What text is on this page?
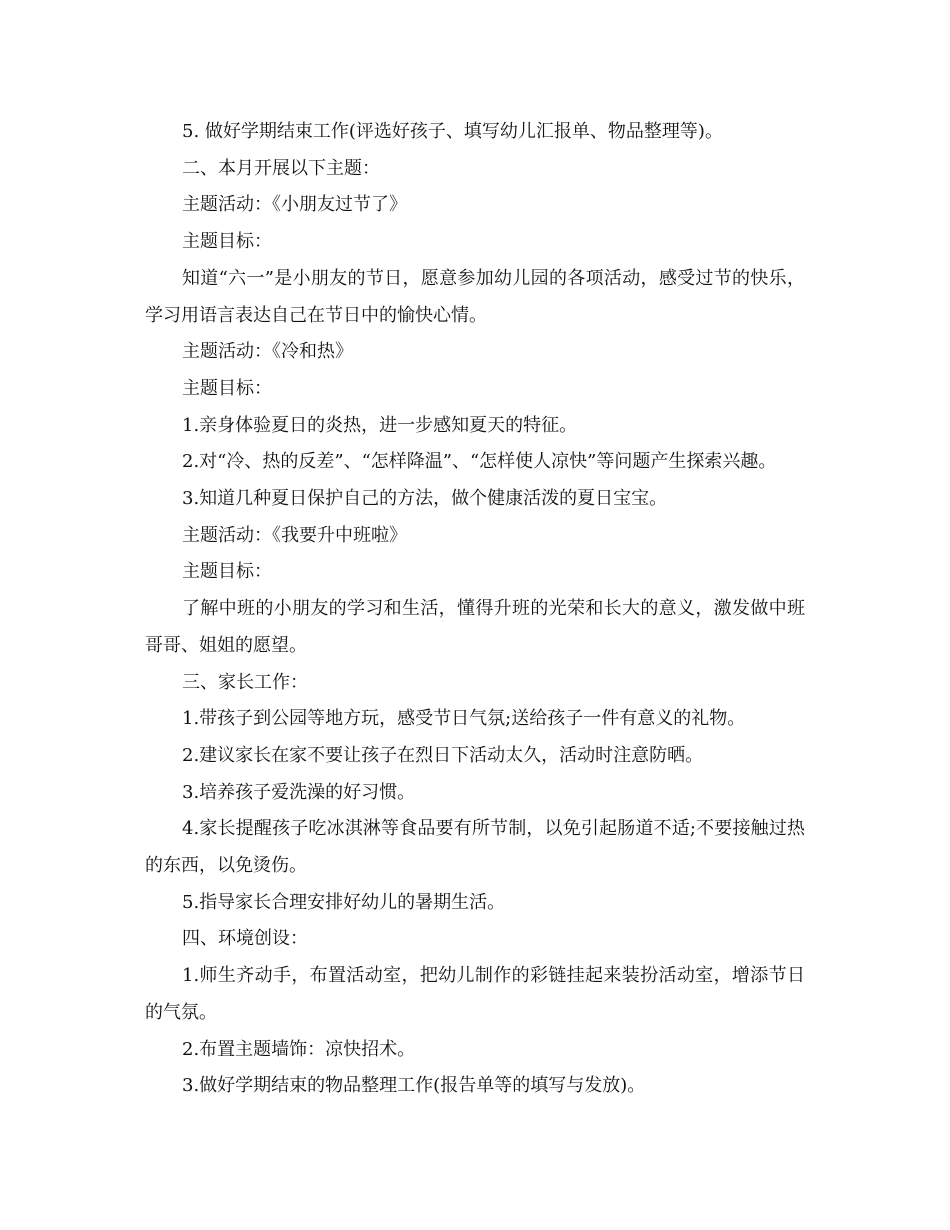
5. 做好学期结束工作(评选好孩子、填写幼儿汇报单、物品整理等)。

二、本月开展以下主题：

主题活动：《小朋友过节了》

主题目标：

知道“六一”是小朋友的节日，愿意参加幼儿园的各项活动，感受过节的快乐，学习用语言表达自己在节日中的愉快心情。

主题活动：《冷和热》

主题目标：

1.亲身体验夏日的炎热，进一步感知夏天的特征。

2.对“冷、热的反差”、“怎样降温”、“怎样使人凉快”等问题产生探索兴趣。

3.知道几种夏日保护自己的方法，做个健康活泼的夏日宝宝。

主题活动：《我要升中班啦》

主题目标：

了解中班的小朋友的学习和生活，懂得升班的光荣和长大的意义，激发做中班哥哥、姐姐的愿望。

三、家长工作：

1.带孩子到公园等地方玩，感受节日气氛;送给孩子一件有意义的礼物。

2.建议家长在家不要让孩子在烈日下活动太久，活动时注意防晒。

3.培养孩子爱洗澡的好习惯。

4.家长提醒孩子吃冰淇淋等食品要有所节制，以免引起肠道不适;不要接触过热的东西，以免烫伤。

5.指导家长合理安排好幼儿的暑期生活。

四、环境创设：

1.师生齐动手，布置活动室，把幼儿制作的彩链挂起来装扮活动室，增添节日的气氛。

2.布置主题墙饰：凉快招术。

3.做好学期结束的物品整理工作(报告单等的填写与发放)。
